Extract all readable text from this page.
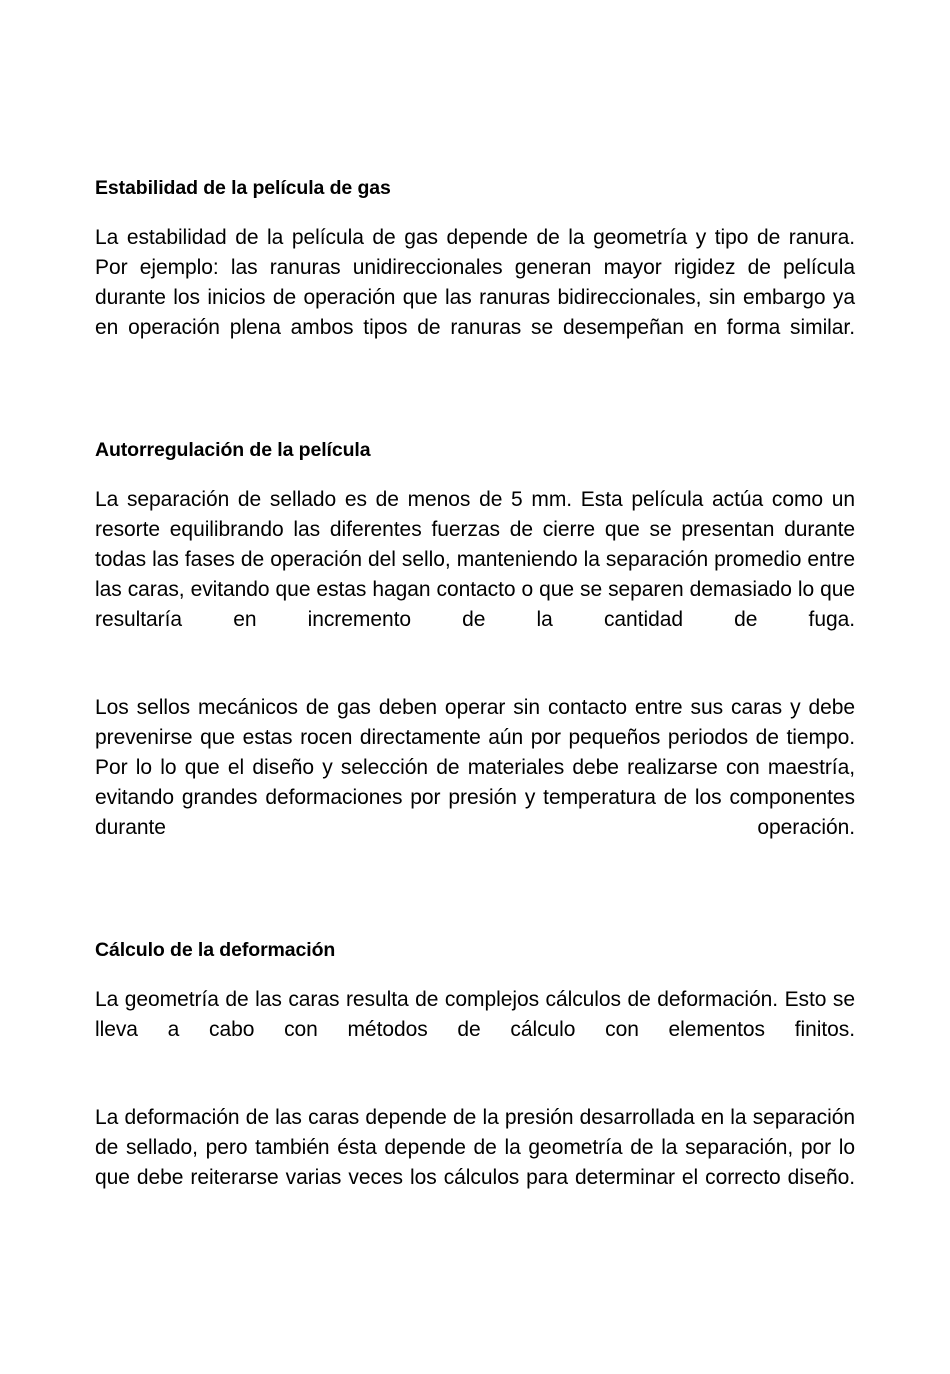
Estabilidad de la película de gas

La estabilidad de la película de gas depende de la geometría y tipo de ranura. Por ejemplo: las ranuras unidireccionales generan mayor rigidez de película durante los inicios de operación que las ranuras bidireccionales, sin embargo ya en operación plena ambos tipos de ranuras se desempeñan en forma similar.

Autorregulación de la película

La separación de sellado es de menos de 5 mm. Esta película actúa como un resorte equilibrando las diferentes fuerzas de cierre que se presentan durante todas las fases de operación del sello, manteniendo la separación promedio entre las caras, evitando que estas hagan contacto o que se separen demasiado lo que resultaría en incremento de la cantidad de fuga.

Los sellos mecánicos de gas deben operar sin contacto entre sus caras y debe prevenirse que estas rocen directamente aún por pequeños periodos de tiempo. Por lo lo que el diseño y selección de materiales debe realizarse con maestría, evitando grandes deformaciones por presión y temperatura de los componentes durante operación.

Cálculo de la deformación

La geometría de las caras resulta de complejos cálculos de deformación. Esto se lleva a cabo con métodos de cálculo con elementos finitos.

La deformación de las caras depende de la presión desarrollada en la separación de sellado, pero también ésta depende de la geometría de la separación, por lo que debe reiterarse varias veces los cálculos para determinar el correcto diseño.
